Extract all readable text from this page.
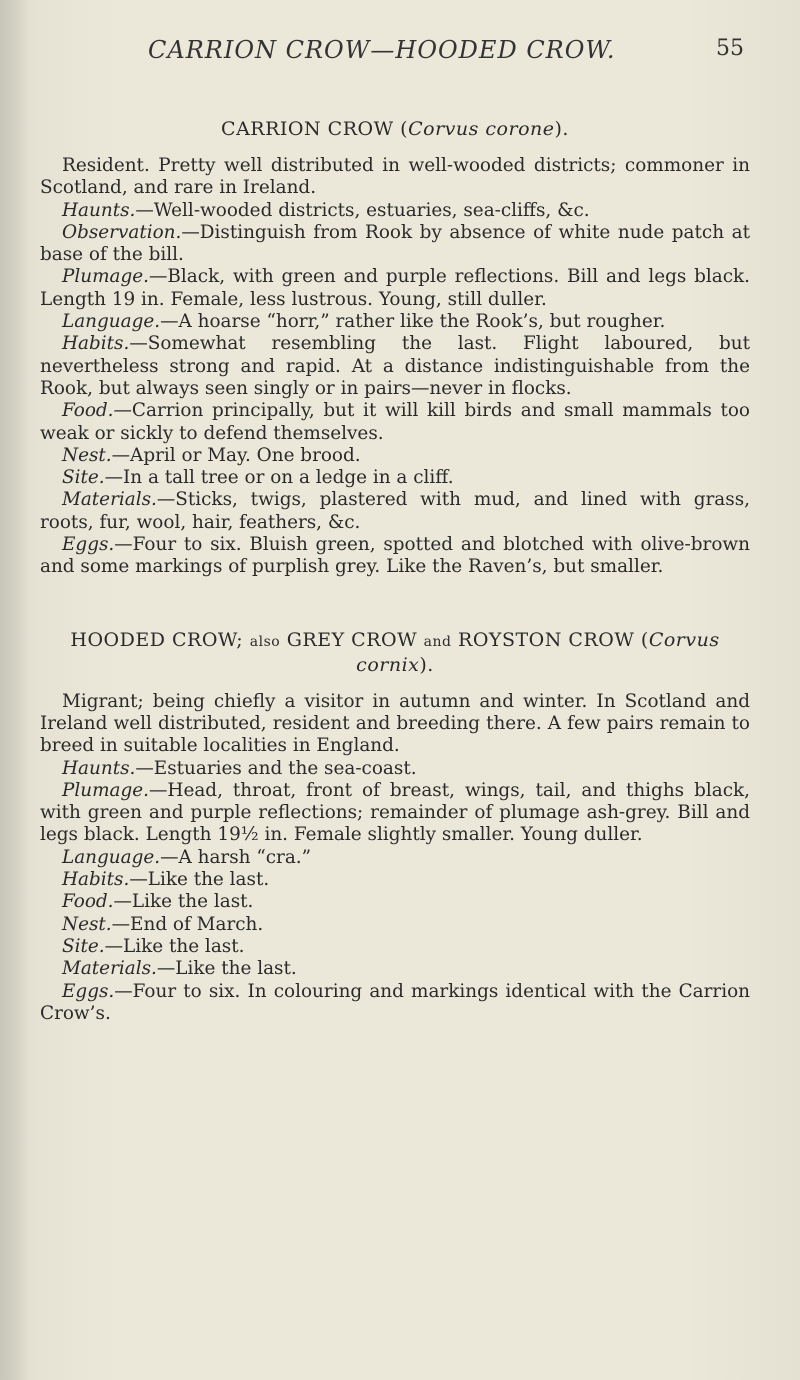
CARRION CROW—HOODED CROW.	55
CARRION CROW (Corvus corone).

Resident. Pretty well distributed in well-wooded districts; commoner in Scotland, and rare in Ireland.

Haunts.—Well-wooded districts, estuaries, sea-cliffs, &c.

Observation.—Distinguish from Rook by absence of white nude patch at base of the bill.

Plumage.—Black, with green and purple reflections. Bill and legs black. Length 19 in. Female, less lustrous. Young, still duller.

Language.—A hoarse “horr,” rather like the Rook’s, but rougher.

Habits.—Somewhat resembling the last. Flight laboured, but nevertheless strong and rapid. At a distance indistinguishable from the Rook, but always seen singly or in pairs—never in flocks.

Food.—Carrion principally, but it will kill birds and small mammals too weak or sickly to defend themselves.

Nest.—April or May. One brood.

Site.—In a tall tree or on a ledge in a cliff.

Materials.—Sticks, twigs, plastered with mud, and lined with grass, roots, fur, wool, hair, feathers, &c.

Eggs.—Four to six. Bluish green, spotted and blotched with olive-brown and some markings of purplish grey. Like the Raven’s, but smaller.

HOODED CROW; also GREY CROW and ROYSTON CROW (Corvus cornix).

Migrant; being chiefly a visitor in autumn and winter. In Scotland and Ireland well distributed, resident and breeding there. A few pairs remain to breed in suitable localities in England.

Haunts.—Estuaries and the sea-coast.

Plumage.—Head, throat, front of breast, wings, tail, and thighs black, with green and purple reflections; remainder of plumage ash-grey. Bill and legs black. Length 19½ in. Female slightly smaller. Young duller.

Language.—A harsh “cra.”

Habits.—Like the last.

Food.—Like the last.

Nest.—End of March.

Site.—Like the last.

Materials.—Like the last.

Eggs.—Four to six. In colouring and markings identical with the Carrion Crow’s.
